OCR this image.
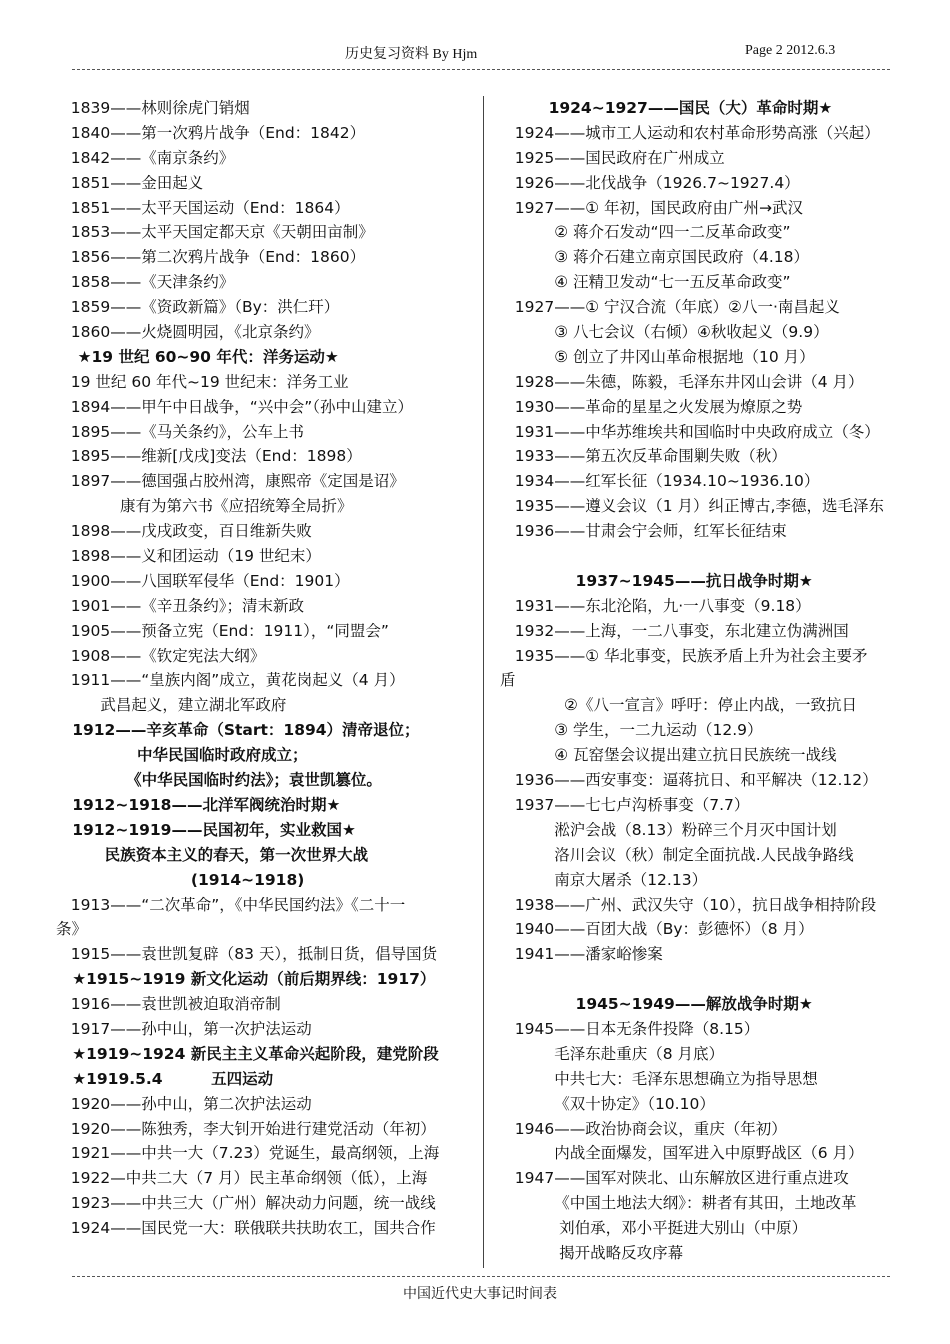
历史复习资料 By Hjm	Page 2 2012.6.3
1839——林则徐虎门销烟
1840——第一次鸦片战争（End：1842）
1842——《南京条约》
1851——金田起义
1851——太平天国运动（End：1864）
1853——太平天国定都天京《天朝田亩制》
1856——第二次鸦片战争（End：1860）
1858——《天津条约》
1859——《资政新篇》（By：洪仁玕）
1860——火烧圆明园，《北京条约》
★19 世纪 60~90 年代：洋务运动★
19 世纪 60 年代~19 世纪末：洋务工业
1894——甲午中日战争，“兴中会”（孙中山建立）
1895——《马关条约》，公车上书
1895——维新[戊戌]变法（End：1898）
1897——德国强占胶州湾，康熙帝《定国是诏》
康有为第六书《应招统筹全局折》
1898——戊戌政变，百日维新失败
1898——义和团运动（19 世纪末）
1900——八国联军侵华（End：1901）
1901——《辛丑条约》；清末新政
1905——预备立宪（End：1911），“同盟会”
1908——《钦定宪法大纲》
1911——“皇族内阁”成立，黄花岗起义（4 月）
武昌起义，建立湖北军政府
1912——辛亥革命（Start：1894）清帝退位；
中华民国临时政府成立；
《中华民国临时约法》；袁世凯篡位。
1912~1918——北洋军阀统治时期★
1912~1919——民国初年，实业救国★
民族资本主义的春天，第一次世界大战
(1914~1918)
1913——“二次革命”，《中华民国约法》《二十一
条》
1915——袁世凯复辟（83 天），抵制日货，倡导国货
★1915~1919 新文化运动（前后期界线：1917）
1916——袁世凯被迫取消帝制
1917——孙中山，第一次护法运动
★1919~1924 新民主主义革命兴起阶段，建党阶段
★1919.5.4         五四运动
1920——孙中山，第二次护法运动
1920——陈独秀，李大钊开始进行建党活动（年初）
1921——中共一大（7.23）党诞生，最高纲领，上海
1922—中共二大（7 月）民主革命纲领（低），上海
1923——中共三大（广州）解决动力问题，统一战线
1924——国民党一大：联俄联共扶助农工，国共合作
1924~1927——国民（大）革命时期★
1924——城市工人运动和农村革命形势高涨（兴起）
1925——国民政府在广州成立
1926——北伐战争（1926.7~1927.4）
1927——① 年初，国民政府由广州→武汉
② 蒋介石发动“四一二反革命政变”
③ 蒋介石建立南京国民政府（4.18）
④ 汪精卫发动“七一五反革命政变”
1927——① 宁汉合流（年底）②八一·南昌起义
③ 八七会议（右倾）④秋收起义（9.9）
⑤ 创立了井冈山革命根据地（10 月）
1928——朱德，陈毅，毛泽东井冈山会讲（4 月）
1930——革命的星星之火发展为燎原之势
1931——中华苏维埃共和国临时中央政府成立（冬）
1933——第五次反革命围剿失败（秋）
1934——红军长征（1934.10~1936.10）
1935——遵义会议（1 月）纠正博古,李德，选毛泽东
1936——甘肃会宁会师，红军长征结束
1937~1945——抗日战争时期★
1931——东北沦陷，九·一八事变（9.18）
1932——上海，一二八事变，东北建立伪满洲国
1935——① 华北事变，民族矛盾上升为社会主要矛
盾
②《八一宣言》呼吁：停止内战，一致抗日
③ 学生，一二九运动（12.9）
④ 瓦窑堡会议提出建立抗日民族统一战线
1936——西安事变：逼蒋抗日、和平解决（12.12）
1937——七七卢沟桥事变（7.7）
淞沪会战（8.13）粉碎三个月灭中国计划
洛川会议（秋）制定全面抗战.人民战争路线
南京大屠杀（12.13）
1938——广州、武汉失守（10），抗日战争相持阶段
1940——百团大战（By：彭德怀）（8 月）
1941——潘家峪惨案
1945~1949——解放战争时期★
1945——日本无条件投降（8.15）
毛泽东赴重庆（8 月底）
中共七大：毛泽东思想确立为指导思想
《双十协定》（10.10）
1946——政治协商会议，重庆（年初）
内战全面爆发，国军进入中原野战区（6 月）
1947——国军对陕北、山东解放区进行重点进攻
《中国土地法大纲》：耕者有其田，土地改革
刘伯承，邓小平挺进大别山（中原）
揭开战略反攻序幕
中国近代史大事记时间表
